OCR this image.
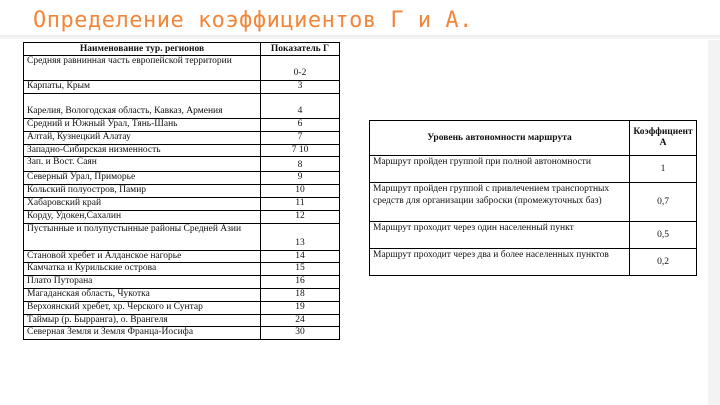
Определение коэффициентов Г и А.
Наименование тур. регионов	Показатель Г
Средняя равнинная часть европейской территории	0-2
Карпаты, Крым	3
Карелия, Вологодская область, Кавказ, Армения	4
Средний и Южный Урал, Тянь-Шань	6
Алтай, Кузнецкий Алатау	7
Западно-Сибирская низменность	7 10
Зап. и Вост. Саян	8
Северный Урал, Приморье	9
Кольский полуостров, Памир	10
Хабаровский край	11
Корду, Удокен,Сахалин	12
Пустынные и полупустынные районы Средней Азии	13
Становой хребет и Алданское нагорье	14
Камчатка и Курильские острова	15
Плато Путорана	16
Магаданская область, Чукотка	18
Верхоянский хребет, хр. Черского и Сунтар	19
Таймыр (р. Бырранга), о. Врангеля	24
Северная Земля и Земля Франца-Иосифа	30
Уровень автономности маршрута	Коэффициент А
Маршрут пройден группой при полной автономности	1
Маршрут пройден группой с привлечением транспортных средств для организации заброски (промежуточных баз)	0,7
Маршрут проходит через один населенный пункт	0,5
Маршрут проходит через два и более населенных пунктов	0,2
